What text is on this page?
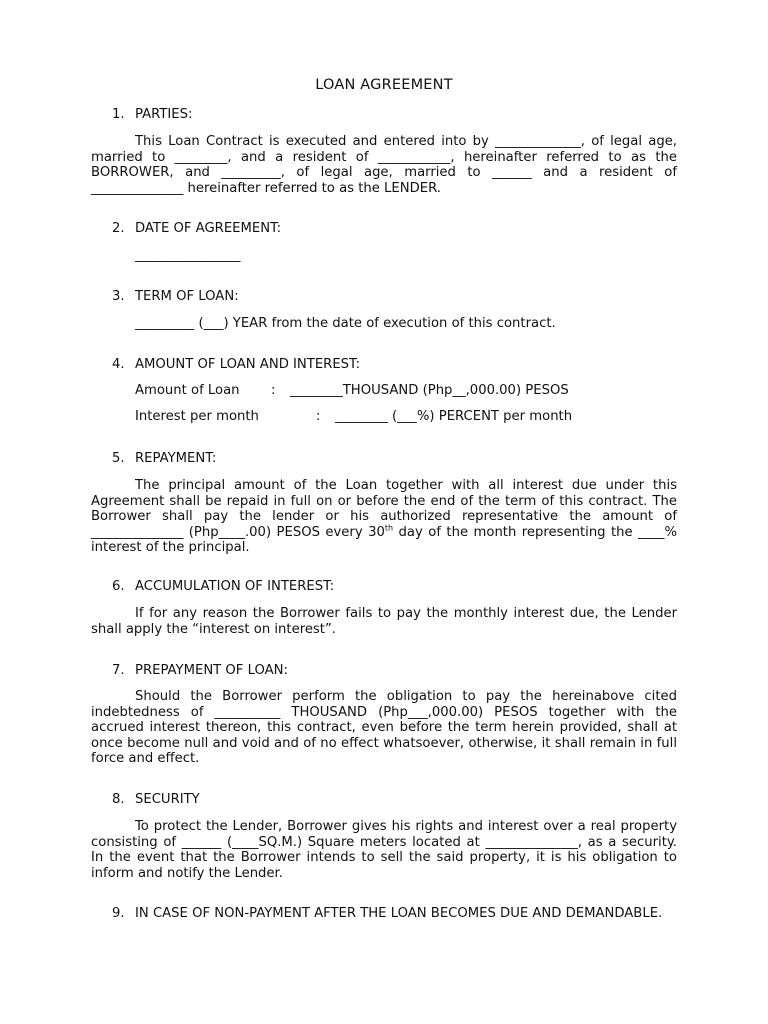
LOAN AGREEMENT
1. PARTIES:
This Loan Contract is executed and entered into by _____________, of legal age, married to ________, and a resident of ___________, hereinafter referred to as the BORROWER, and _________, of legal age, married to ______ and a resident of ______________ hereinafter referred to as the LENDER.
2. DATE OF AGREEMENT:
________________
3. TERM OF LOAN:
_________ (___) YEAR from the date of execution of this contract.
4. AMOUNT OF LOAN AND INTEREST:
Amount of Loan : ________THOUSAND (Php__,000.00) PESOS
Interest per month	: ________ (___%) PERCENT per month
5. REPAYMENT:
The principal amount of the Loan together with all interest due under this Agreement shall be repaid in full on or before the end of the term of this contract. The Borrower shall pay the lender or his authorized representative the amount of ______________ (Php____.00) PESOS every 30th day of the month representing the ____% interest of the principal.
6. ACCUMULATION OF INTEREST:
If for any reason the Borrower fails to pay the monthly interest due, the Lender shall apply the “interest on interest”.
7. PREPAYMENT OF LOAN:
Should the Borrower perform the obligation to pay the hereinabove cited indebtedness of __________ THOUSAND (Php___,000.00) PESOS together with the accrued interest thereon, this contract, even before the term herein provided, shall at once become null and void and of no effect whatsoever, otherwise, it shall remain in full force and effect.
8. SECURITY
To protect the Lender, Borrower gives his rights and interest over a real property consisting of ______ (____SQ.M.) Square meters located at ______________, as a security. In the event that the Borrower intends to sell the said property, it is his obligation to inform and notify the Lender.
9. IN CASE OF NON-PAYMENT AFTER THE LOAN BECOMES DUE AND DEMANDABLE.
